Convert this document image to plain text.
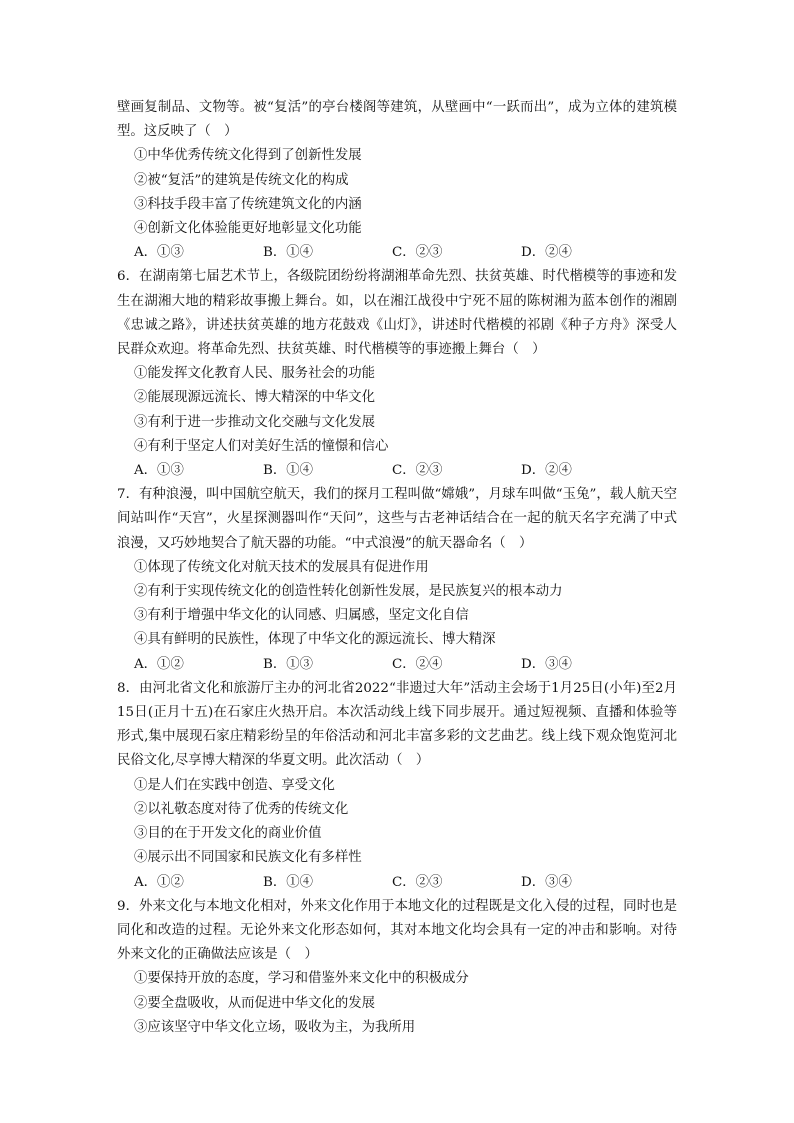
壁画复制品、文物等。被“复活”的亭台楼阁等建筑，从壁画中“一跃而出”，成为立体的建筑模型。这反映了（　）

①中华优秀传统文化得到了创新性发展

②被“复活”的建筑是传统文化的构成

③科技手段丰富了传统建筑文化的内涵

④创新文化体验能更好地彰显文化功能

A．①③	B．①④	C．②③	D．②④

6．在湖南第七届艺术节上，各级院团纷纷将湖湘革命先烈、扶贫英雄、时代楷模等的事迹和发生在湖湘大地的精彩故事搬上舞台。如，以在湘江战役中宁死不屈的陈树湘为蓝本创作的湘剧《忠诚之路》，讲述扶贫英雄的地方花鼓戏《山灯》，讲述时代楷模的祁剧《种子方舟》深受人民群众欢迎。将革命先烈、扶贫英雄、时代楷模等的事迹搬上舞台（　）

①能发挥文化教育人民、服务社会的功能

②能展现源远流长、博大精深的中华文化

③有利于进一步推动文化交融与文化发展

④有利于坚定人们对美好生活的憧憬和信心

A．①③	B．①④	C．②③	D．②④

7．有种浪漫，叫中国航空航天，我们的探月工程叫做“嫦娥”，月球车叫做“玉兔”，载人航天空间站叫作“天宫”，火星探测器叫作“天问”，这些与古老神话结合在一起的航天名字充满了中式浪漫，又巧妙地契合了航天器的功能。“中式浪漫”的航天器命名（　）

①体现了传统文化对航天技术的发展具有促进作用

②有利于实现传统文化的创造性转化创新性发展，是民族复兴的根本动力

③有利于增强中华文化的认同感、归属感，坚定文化自信

④具有鲜明的民族性，体现了中华文化的源远流长、博大精深

A．①②	B．①③	C．②④	D．③④

8．由河北省文化和旅游厅主办的河北省2022“非遗过大年”活动主会场于1月25日(小年)至2月15日(正月十五)在石家庄火热开启。本次活动线上线下同步展开。通过短视频、直播和体验等形式,集中展现石家庄精彩纷呈的年俗活动和河北丰富多彩的文艺曲艺。线上线下观众饱览河北民俗文化,尽享博大精深的华夏文明。此次活动（　）

①是人们在实践中创造、享受文化

②以礼敬态度对待了优秀的传统文化

③目的在于开发文化的商业价值

④展示出不同国家和民族文化有多样性

A．①②	B．①④	C．②③	D．③④

9．外来文化与本地文化相对，外来文化作用于本地文化的过程既是文化入侵的过程，同时也是同化和改造的过程。无论外来文化形态如何，其对本地文化均会具有一定的冲击和影响。对待外来文化的正确做法应该是（　）

①要保持开放的态度，学习和借鉴外来文化中的积极成分

②要全盘吸收，从而促进中华文化的发展

③应该坚守中华文化立场，吸收为主，为我所用
